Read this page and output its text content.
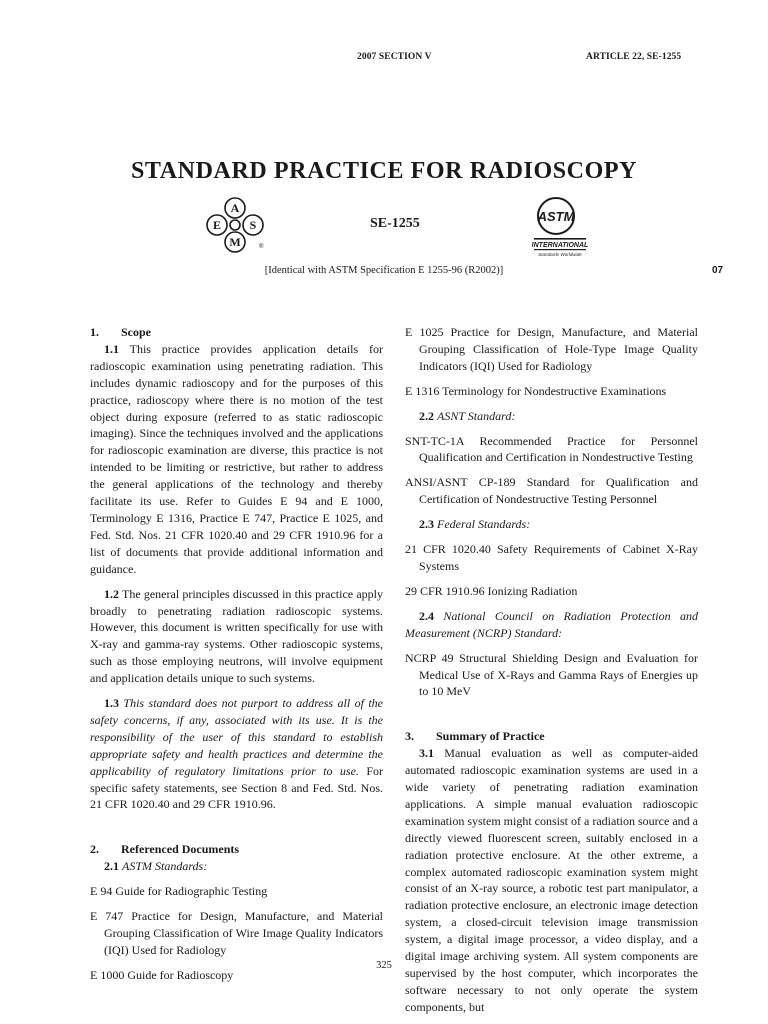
2007 SECTION V	ARTICLE 22, SE-1255
STANDARD PRACTICE FOR RADIOSCOPY
A
E S
M	®
SE-1255	ASTM
INTERNATIONAL
Standards Worldwide
[Identical with ASTM Specification E 1255-96 (R2002)]	07

1. Scope

1.1 This practice provides application details for radioscopic examination using penetrating radiation. This includes dynamic radioscopy and for the purposes of this practice, radioscopy where there is no motion of the test object during exposure (referred to as static radioscopic imaging). Since the techniques involved and the applications for radioscopic examination are diverse, this practice is not intended to be limiting or restrictive, but rather to address the general applications of the technology and thereby facilitate its use. Refer to Guides E 94 and E 1000, Terminology E 1316, Practice E 747, Practice E 1025, and Fed. Std. Nos. 21 CFR 1020.40 and 29 CFR 1910.96 for a list of documents that provide additional information and guidance.

1.2 The general principles discussed in this practice apply broadly to penetrating radiation radioscopic systems. However, this document is written specifically for use with X-ray and gamma-ray systems. Other radioscopic systems, such as those employing neutrons, will involve equipment and application details unique to such systems.

1.3 This standard does not purport to address all of the safety concerns, if any, associated with its use. It is the responsibility of the user of this standard to establish appropriate safety and health practices and determine the applicability of regulatory limitations prior to use. For specific safety statements, see Section 8 and Fed. Std. Nos. 21 CFR 1020.40 and 29 CFR 1910.96.

2. Referenced Documents

2.1 ASTM Standards:

E 94 Guide for Radiographic Testing

E 747 Practice for Design, Manufacture, and Material Grouping Classification of Wire Image Quality Indicators (IQI) Used for Radiology

E 1000 Guide for Radioscopy

E 1025 Practice for Design, Manufacture, and Material Grouping Classification of Hole-Type Image Quality Indicators (IQI) Used for Radiology

E 1316 Terminology for Nondestructive Examinations

2.2 ASNT Standard:

SNT-TC-1A Recommended Practice for Personnel Qualification and Certification in Nondestructive Testing

ANSI/ASNT CP-189 Standard for Qualification and Certification of Nondestructive Testing Personnel

2.3 Federal Standards:

21 CFR 1020.40 Safety Requirements of Cabinet X-Ray Systems

29 CFR 1910.96 Ionizing Radiation

2.4 National Council on Radiation Protection and Measurement (NCRP) Standard:

NCRP 49 Structural Shielding Design and Evaluation for Medical Use of X-Rays and Gamma Rays of Energies up to 10 MeV

3. Summary of Practice

3.1 Manual evaluation as well as computer-aided automated radioscopic examination systems are used in a wide variety of penetrating radiation examination applications. A simple manual evaluation radioscopic examination system might consist of a radiation source and a directly viewed fluorescent screen, suitably enclosed in a radiation protective enclosure. At the other extreme, a complex automated radioscopic examination system might consist of an X-ray source, a robotic test part manipulator, a radiation protective enclosure, an electronic image detection system, a closed-circuit television image transmission system, a digital image processor, a video display, and a digital image archiving system. All system components are supervised by the host computer, which incorporates the software necessary to not only operate the system components, but

325
